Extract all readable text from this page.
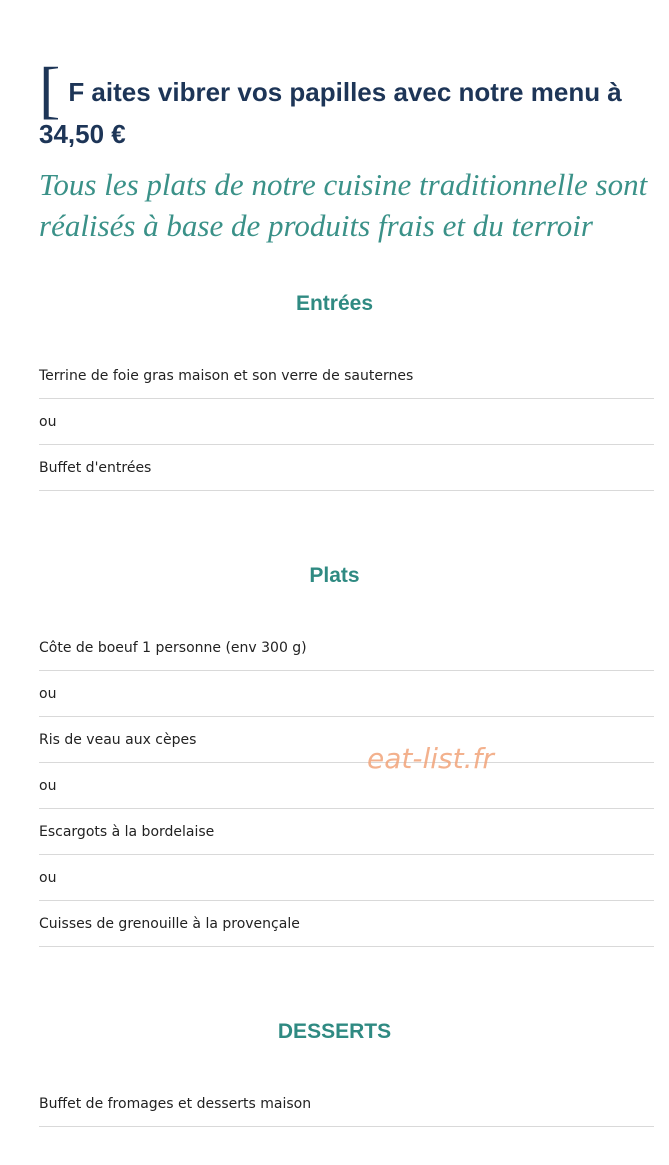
[ F aites vibrer vos papilles avec notre menu à 34,50 €
Tous les plats de notre cuisine traditionnelle sont réalisés à base de produits frais et du terroir
Entrées
Terrine de foie gras maison et son verre de sauternes
ou
Buffet d'entrées
Plats
Côte de boeuf 1 personne (env 300 g)
ou
Ris de veau aux cèpes
ou
Escargots à la bordelaise
ou
Cuisses de grenouille à la provençale
DESSERTS
Buffet de fromages et desserts maison
eat-list.fr
